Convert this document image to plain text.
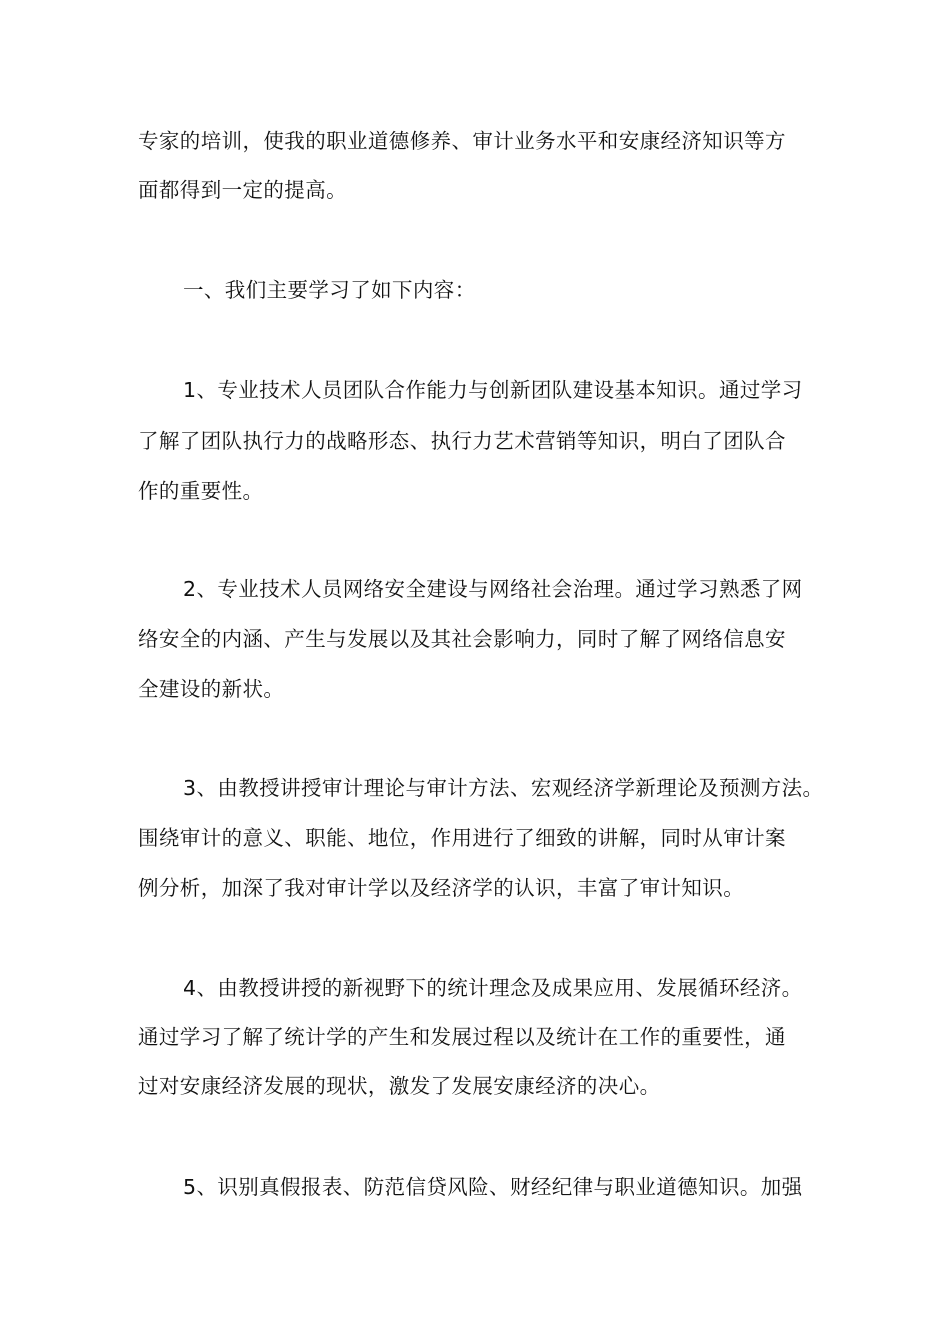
专家的培训，使我的职业道德修养、审计业务水平和安康经济知识等方
面都得到一定的提高。
一、我们主要学习了如下内容：
1、专业技术人员团队合作能力与创新团队建设基本知识。通过学习
了解了团队执行力的战略形态、执行力艺术营销等知识，明白了团队合
作的重要性。
2、专业技术人员网络安全建设与网络社会治理。通过学习熟悉了网
络安全的内涵、产生与发展以及其社会影响力，同时了解了网络信息安
全建设的新状。
3、由教授讲授审计理论与审计方法、宏观经济学新理论及预测方法。
围绕审计的意义、职能、地位，作用进行了细致的讲解，同时从审计案
例分析，加深了我对审计学以及经济学的认识，丰富了审计知识。
4、由教授讲授的新视野下的统计理念及成果应用、发展循环经济。
通过学习了解了统计学的产生和发展过程以及统计在工作的重要性，通
过对安康经济发展的现状，激发了发展安康经济的决心。
5、识别真假报表、防范信贷风险、财经纪律与职业道德知识。加强
